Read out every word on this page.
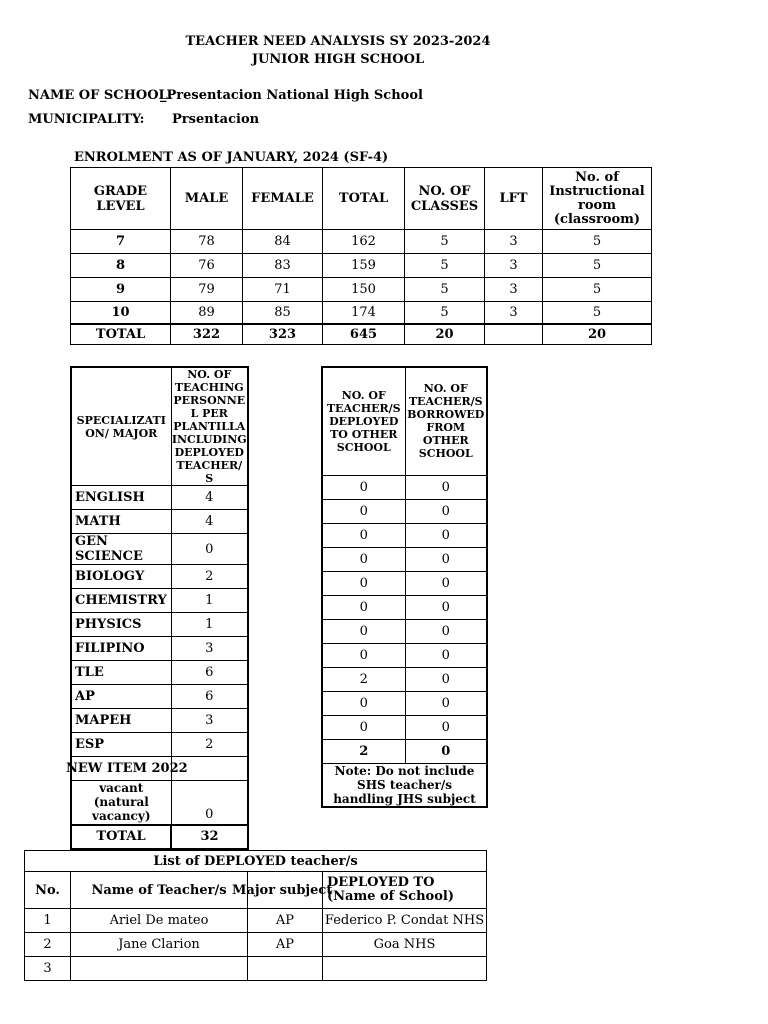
TEACHER NEED ANALYSIS SY 2023-2024
JUNIOR HIGH SCHOOL
NAME OF SCHOOL:
_Presentacion National High School
MUNICIPALITY: Prsentacion
ENROLMENT AS OF JANUARY, 2024 (SF-4)
GRADE LEVEL	MALE	FEMALE	TOTAL	NO. OF CLASSES	LFT	No. of Instructional room (classroom)
7	78	84	162	5	3	5
8	76	83	159	5	3	5
9	79	71	150	5	3	5
10	89	85	174	5	3	5
TOTAL	322	323	645	20		20
SPECIALIZATI ON/ MAJOR	NO. OF TEACHING PERSONNE L PER PLANTILLA INCLUDING DEPLOYED TEACHER/ S
ENGLISH	4
MATH	4
GEN SCIENCE	0
BIOLOGY	2
CHEMISTRY	1
PHYSICS	1
FILIPINO	3
TLE	6
AP	6
MAPEH	3
ESP	2
NEW ITEM 2022	
vacant (natural vacancy)	0
TOTAL	32
NO. OF TEACHER/S DEPLOYED TO OTHER SCHOOL	NO. OF TEACHER/S BORROWED FROM OTHER SCHOOL
0	0
0	0
0	0
0	0
0	0
0	0
0	0
0	0
2	0
0	0
0	0
2	0
Note: Do not include SHS teacher/s handling JHS subject	
List of DEPLOYED teacher/s			
No.	Name of Teacher/s	Major subject	DEPLOYED TO (Name of School)
1	Ariel De mateo	AP	Federico P. Condat NHS
2	Jane Clarion	AP	Goa NHS
3			
